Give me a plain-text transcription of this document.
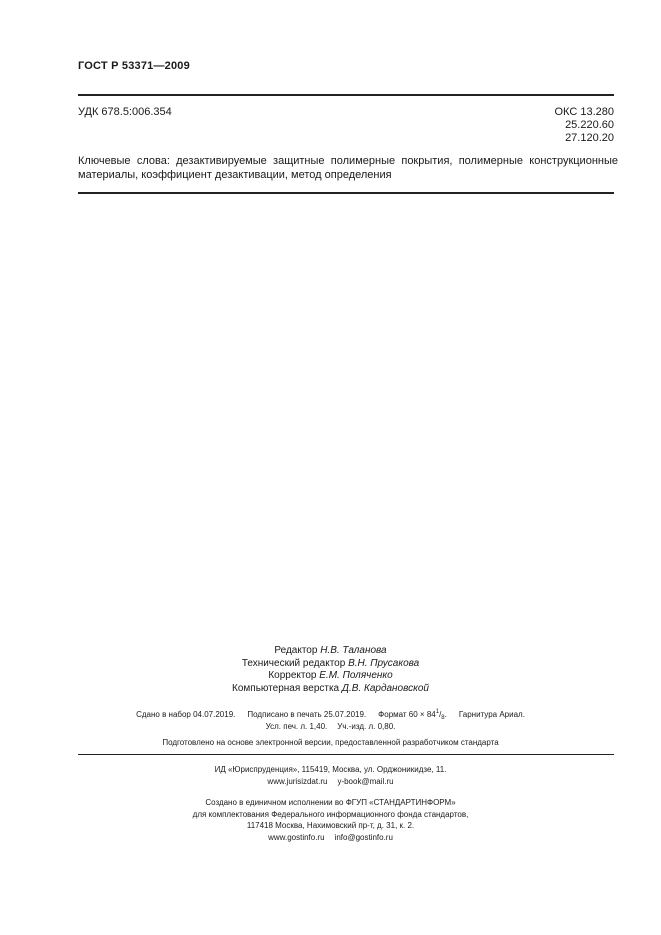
ГОСТ Р 53371—2009
УДК 678.5:006.354	ОКС 13.280
25.220.60
27.120.20
Ключевые слова: дезактивируемые защитные полимерные покрытия, полимерные конструкционные материалы, коэффициент дезактивации, метод определения
Редактор Н.В. Таланова
Технический редактор В.Н. Прусакова
Корректор Е.М. Поляченко
Компьютерная верстка Д.В. Кардановской
Сдано в набор 04.07.2019. Подписано в печать 25.07.2019. Формат $60 \times 84^1/_8$. Гарнитура Ариал.
Усл. печ. л. 1,40. Уч.-изд. л. 0,80.
Подготовлено на основе электронной версии, предоставленной разработчиком стандарта
ИД «Юриспруденция», 115419, Москва, ул. Орджоникидзе, 11.
www.jurisizdat.ru y-book@mail.ru
Создано в единичном исполнении во ФГУП «СТАНДАРТИНФОРМ»
для комплектования Федерального информационного фонда стандартов,
117418 Москва, Нахимовский пр-т, д. 31, к. 2.
www.gostinfo.ru info@gostinfo.ru
